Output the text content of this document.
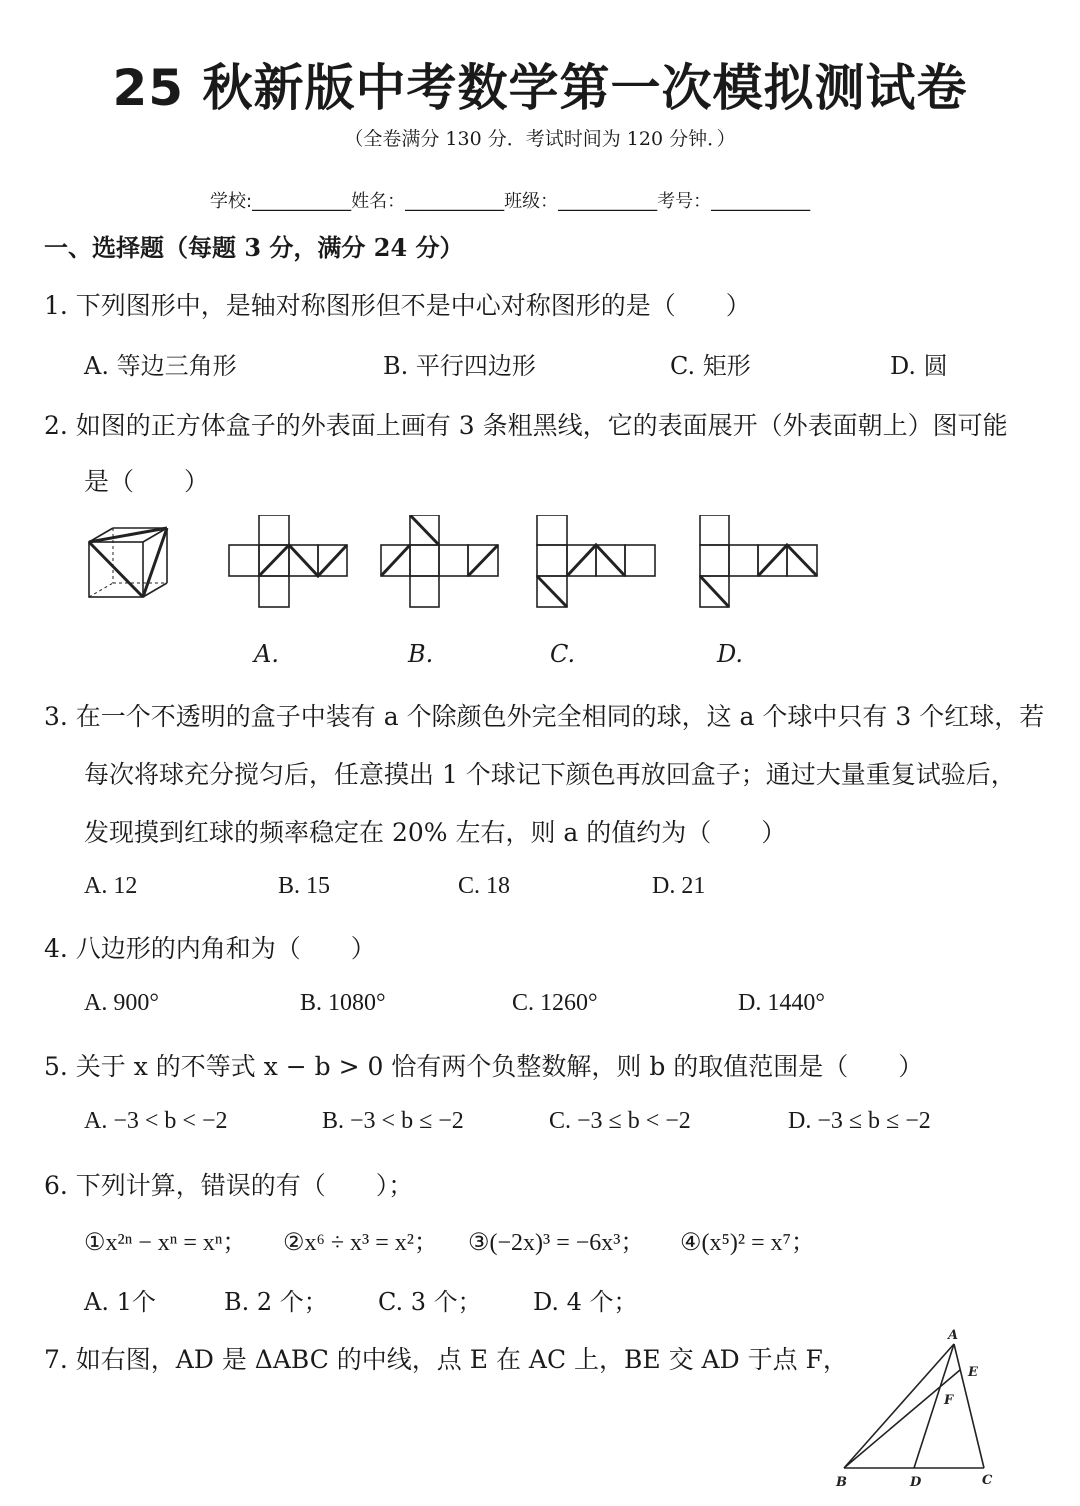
25 秋新版中考数学第一次模拟测试卷
（全卷满分 130 分．考试时间为 120 分钟．）
学校:___________姓名：___________班级：___________考号：___________
一、选择题（每题 3 分，满分 24 分）
1. 下列图形中，是轴对称图形但不是中心对称图形的是（　　）
A. 等边三角形	B. 平行四边形	C. 矩形	D. 圆
2. 如图的正方体盒子的外表面上画有 3 条粗黑线，它的表面展开（外表面朝上）图可能
是（　　）
A.	B.	C.	D.
3. 在一个不透明的盒子中装有 a 个除颜色外完全相同的球，这 a 个球中只有 3 个红球，若
每次将球充分搅匀后，任意摸出 1 个球记下颜色再放回盒子；通过大量重复试验后，
发现摸到红球的频率稳定在 20% 左右，则 a 的值约为（　　）
A. 12	B. 15	C. 18	D. 21
4. 八边形的内角和为（　　）
A. 900°	B. 1080°	C. 1260°	D. 1440°
5. 关于 x 的不等式 x − b > 0 恰有两个负整数解，则 b 的取值范围是（　　）
A. −3 < b < −2	B. −3 < b ≤ −2	C. −3 ≤ b < −2	D. −3 ≤ b ≤ −2
6. 下列计算，错误的有（　　）；
①x²ⁿ − xⁿ = xⁿ； ②x⁶ ÷ x³ = x²； ③(−2x)³ = −6x³； ④(x⁵)² = x⁷；
A. 1个	B. 2 个； C. 3 个； D. 4 个；
7. 如右图，AD 是 ΔABC 的中线，点 E 在 AC 上，BE 交 AD 于点 F，
A
B	C
D
E
F
